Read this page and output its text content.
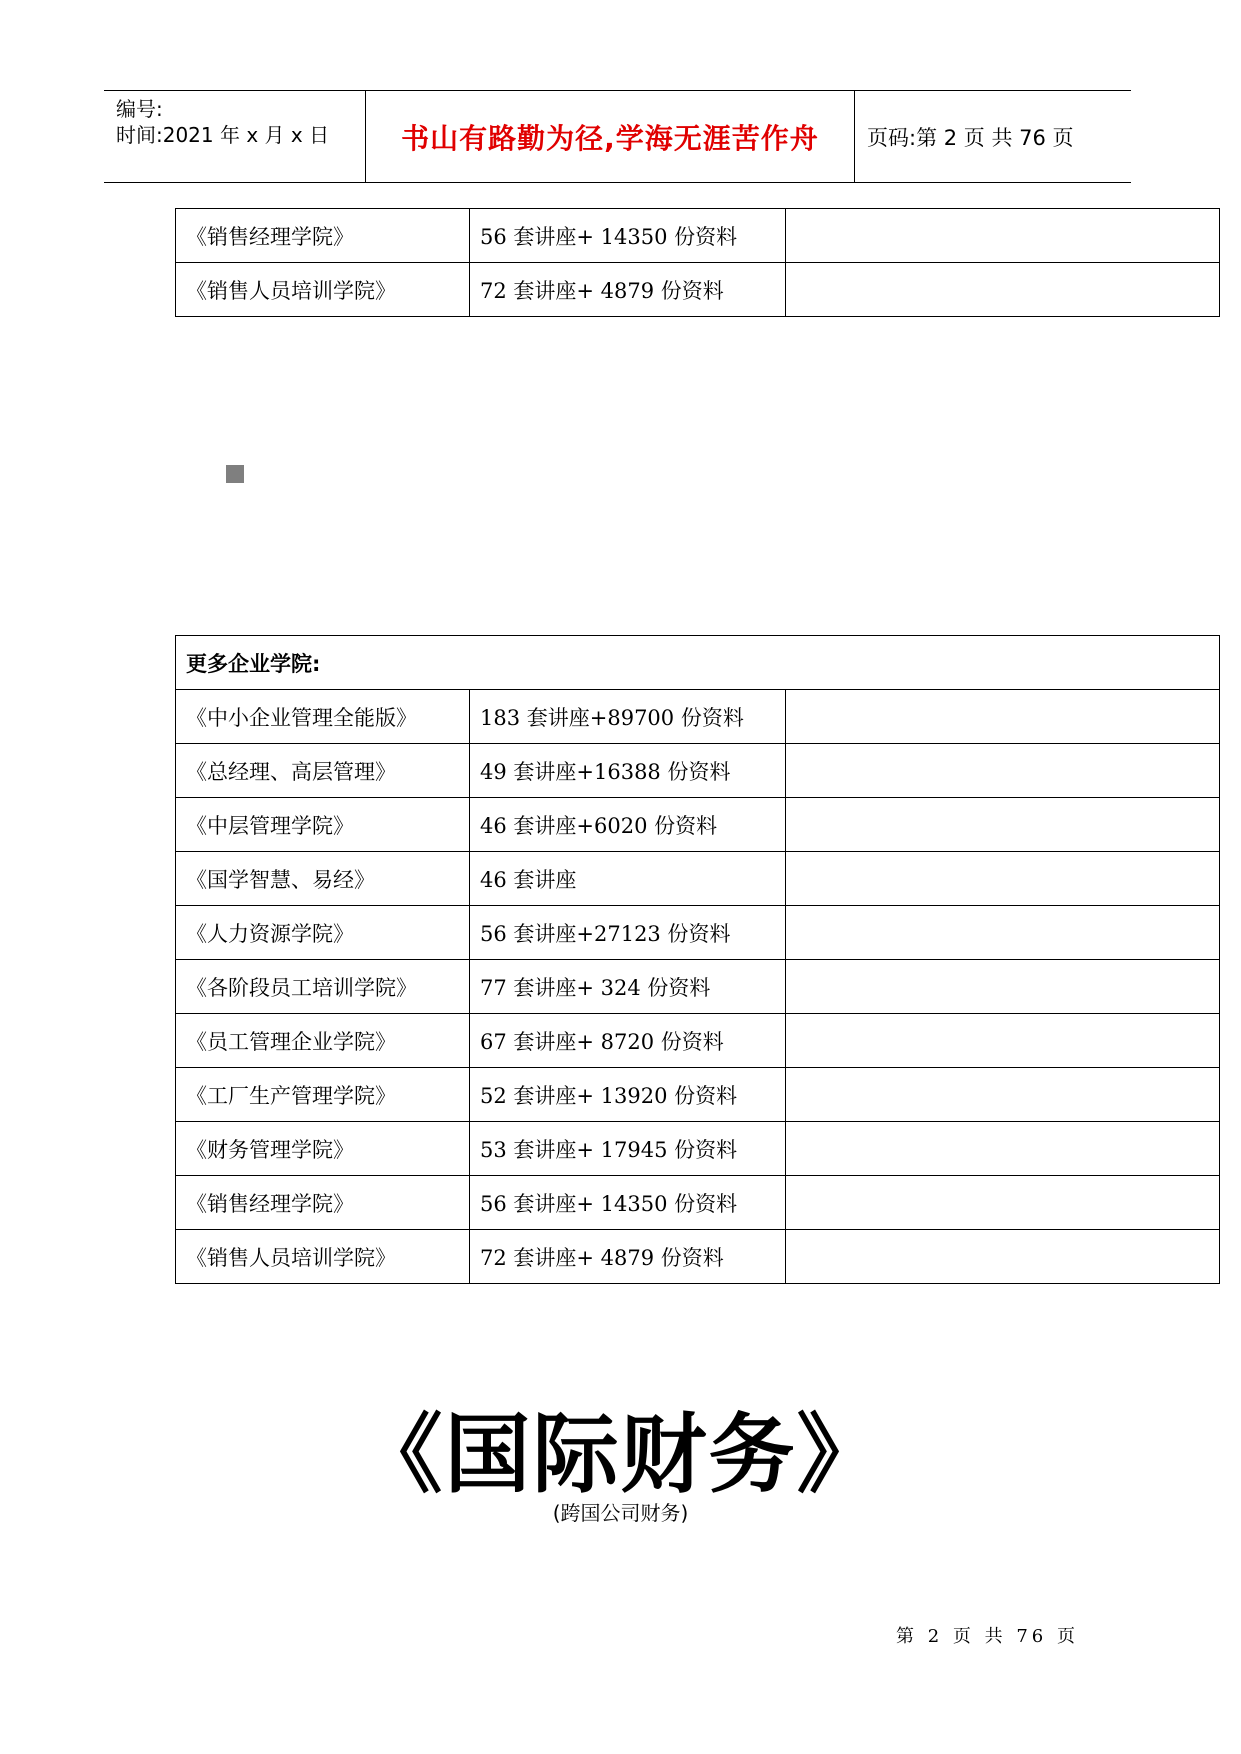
编号:
时间:2021 年 x 月 x 日	书山有路勤为径,学海无涯苦作舟	页码:第 2 页 共 76 页
《销售经理学院》	56 套讲座+ 14350 份资料	
《销售人员培训学院》	72 套讲座+ 4879 份资料	
更多企业学院:		
《中小企业管理全能版》	183 套讲座+89700 份资料	
《总经理、高层管理》	49 套讲座+16388 份资料	
《中层管理学院》	46 套讲座+6020 份资料	
《国学智慧、易经》	46 套讲座	
《人力资源学院》	56 套讲座+27123 份资料	
《各阶段员工培训学院》	77 套讲座+ 324 份资料	
《员工管理企业学院》	67 套讲座+ 8720 份资料	
《工厂生产管理学院》	52 套讲座+ 13920 份资料	
《财务管理学院》	53 套讲座+ 17945 份资料	
《销售经理学院》	56 套讲座+ 14350 份资料	
《销售人员培训学院》	72 套讲座+ 4879 份资料	
《国际财务》
(跨国公司财务)
第 2 页 共 76 页
